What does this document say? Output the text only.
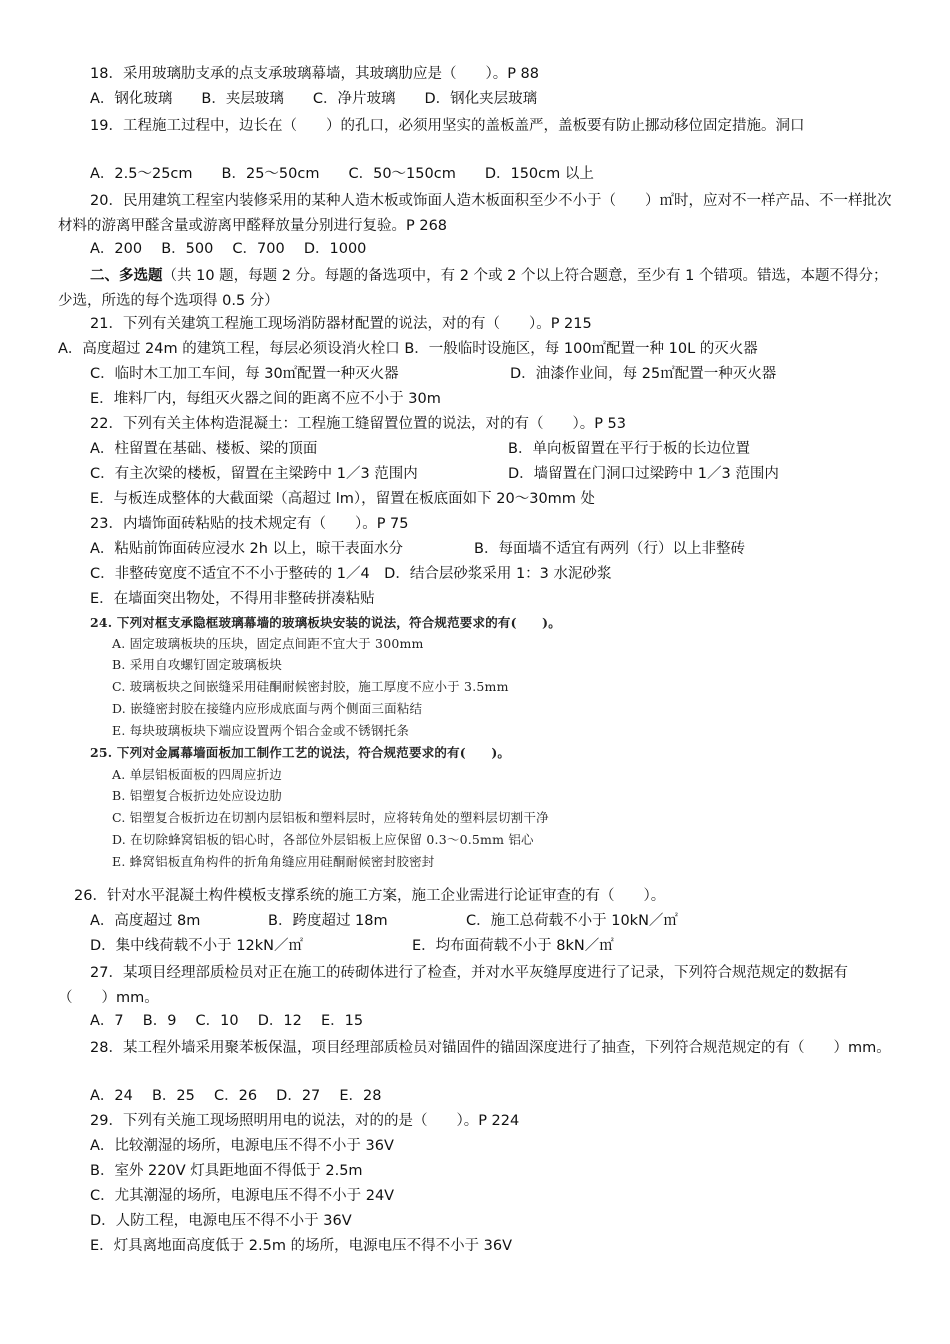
18．采用玻璃肋支承的点支承玻璃幕墙，其玻璃肋应是（　　）。P 88
A．钢化玻璃　　B．夹层玻璃　　C．净片玻璃　　D．钢化夹层玻璃
19．工程施工过程中，边长在（　　）的孔口，必须用坚实的盖板盖严，盖板要有防止挪动移位固定措施。洞口
A．2.5～25cm　　B．25～50cm　　C．50～150cm　　D．150cm 以上
20．民用建筑工程室内装修采用的某种人造木板或饰面人造木板面积至少不小于（　　）㎡时，应对不一样产品、不一样批次材料的游离甲醛含量或游离甲醛释放量分别进行复验。P 268
A．200　 B．500　 C．700　 D．1000
二、多选题（共 10 题，每题 2 分。每题的备选项中，有 2 个或 2 个以上符合题意，至少有 1 个错项。错选，本题不得分；少选，所选的每个选项得 0.5 分）
21．下列有关建筑工程施工现场消防器材配置的说法，对的有（　　）。P 215
A．高度超过 24m 的建筑工程，每层必须设消火栓口 B．一般临时设施区，每 100㎡配置一种 10L 的灭火器
C．临时木工加工车间，每 30㎡配置一种灭火器	D．油漆作业间，每 25㎡配置一种灭火器
E．堆料厂内，每组灭火器之间的距离不应不小于 30m
22．下列有关主体构造混凝土：工程施工缝留置位置的说法，对的有（　　）。P 53
A．柱留置在基础、楼板、梁的顶面	B．单向板留置在平行于板的长边位置
C．有主次梁的楼板，留置在主梁跨中 1／3 范围内	D．墙留置在门洞口过梁跨中 1／3 范围内
E．与板连成整体的大截面梁（高超过 lm），留置在板底面如下 20～30mm 处
23．内墙饰面砖粘贴的技术规定有（　　）。P 75
A．粘贴前饰面砖应浸水 2h 以上，晾干表面水分	B．每面墙不适宜有两列（行）以上非整砖
C．非整砖宽度不适宜不不小于整砖的 1／4　D．结合层砂浆采用 1：3 水泥砂浆
E．在墙面突出物处，不得用非整砖拼凑粘贴
24. 下列对框支承隐框玻璃幕墙的玻璃板块安装的说法，符合规范要求的有(　　)。
A. 固定玻璃板块的压块，固定点间距不宜大于 300mm
B. 采用自攻螺钉固定玻璃板块
C. 玻璃板块之间嵌缝采用硅酮耐候密封胶，施工厚度不应小于 3.5mm
D. 嵌缝密封胶在接缝内应形成底面与两个侧面三面粘结
E. 每块玻璃板块下端应设置两个铝合金或不锈钢托条
25. 下列对金属幕墙面板加工制作工艺的说法，符合规范要求的有(　　)。
A. 单层铝板面板的四周应折边
B. 铝塑复合板折边处应设边肋
C. 铝塑复合板折边在切割内层铝板和塑料层时，应将转角处的塑料层切割干净
D. 在切除蜂窝铝板的铝心时，各部位外层铝板上应保留 0.3～0.5mm 铝心
E. 蜂窝铝板直角构件的折角角缝应用硅酮耐候密封胶密封
26．针对水平混凝土构件模板支撑系统的施工方案，施工企业需进行论证审查的有（　　）。
A．高度超过 8m	B．跨度超过 18m	C．施工总荷载不小于 10kN／㎡
D．集中线荷载不小于 12kN／㎡	E．均布面荷载不小于 8kN／㎡
27．某项目经理部质检员对正在施工的砖砌体进行了检查，并对水平灰缝厚度进行了记录，下列符合规范规定的数据有（　　）mm。
A．7　 B．9　 C．10　 D．12　 E．15
28．某工程外墙采用聚苯板保温，项目经理部质检员对锚固件的锚固深度进行了抽查，下列符合规范规定的有（　　）mm。
A．24　 B．25　 C．26　 D．27　 E．28
29．下列有关施工现场照明用电的说法，对的的是（　　）。P 224
A．比较潮湿的场所，电源电压不得不小于 36V
B．室外 220V 灯具距地面不得低于 2.5m
C．尤其潮湿的场所，电源电压不得不小于 24V
D．人防工程，电源电压不得不小于 36V
E．灯具离地面高度低于 2.5m 的场所，电源电压不得不小于 36V
